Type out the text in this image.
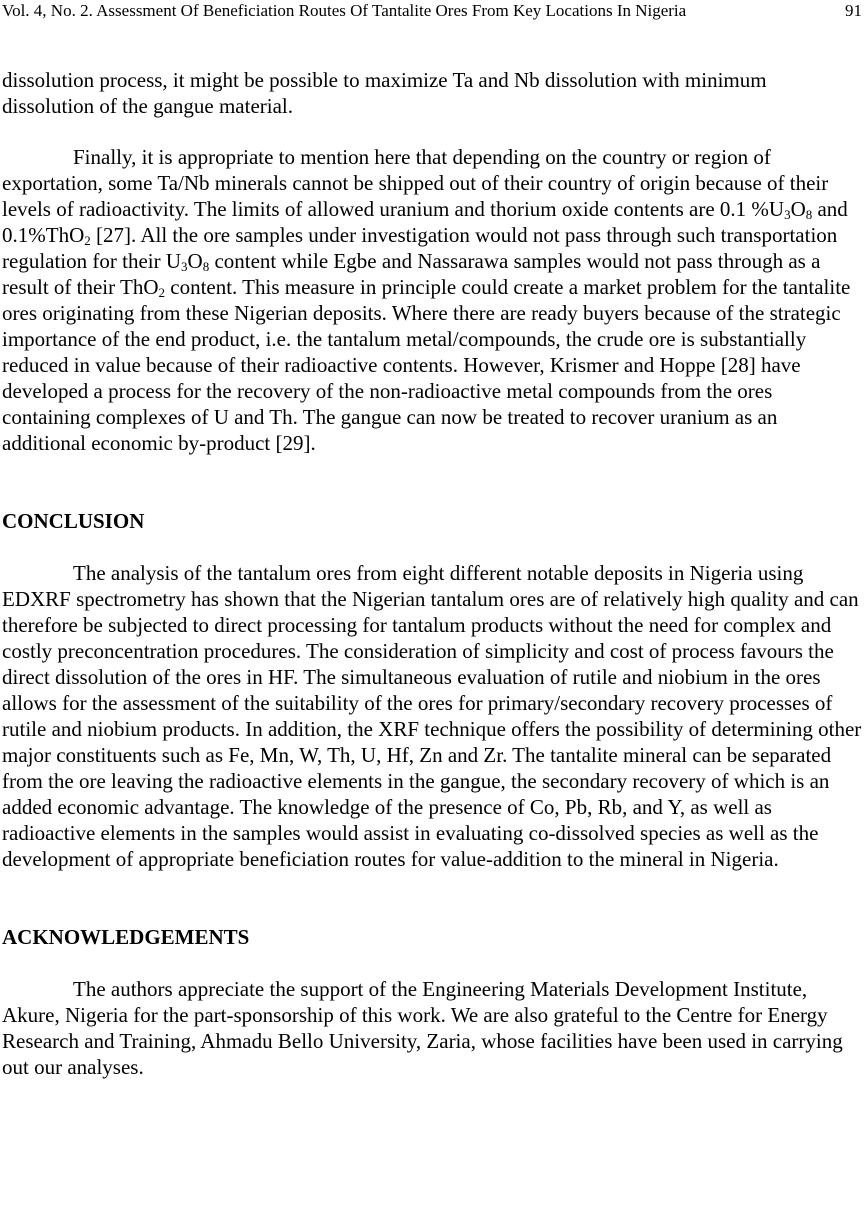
Vol. 4, No. 2. Assessment Of Beneficiation Routes Of Tantalite Ores From Key Locations In Nigeria	91

dissolution process, it might be possible to maximize Ta and Nb dissolution with minimum dissolution of the gangue material.

Finally, it is appropriate to mention here that depending on the country or region of exportation, some Ta/Nb minerals cannot be shipped out of their country of origin because of their levels of radioactivity. The limits of allowed uranium and thorium oxide contents are 0.1 $\%U_3O_8$ and 0.1%ThO$_2$ [27]. All the ore samples under investigation would not pass through such transportation regulation for their $U_3O_8$ content while Egbe and Nassarawa samples would not pass through as a result of their ThO$_2$ content. This measure in principle could create a market problem for the tantalite ores originating from these Nigerian deposits. Where there are ready buyers because of the strategic importance of the end product, i.e. the tantalum metal/compounds, the crude ore is substantially reduced in value because of their radioactive contents. However, Krismer and Hoppe [28] have developed a process for the recovery of the non-radioactive metal compounds from the ores containing complexes of U and Th. The gangue can now be treated to recover uranium as an additional economic by-product [29].

CONCLUSION

The analysis of the tantalum ores from eight different notable deposits in Nigeria using EDXRF spectrometry has shown that the Nigerian tantalum ores are of relatively high quality and can therefore be subjected to direct processing for tantalum products without the need for complex and costly preconcentration procedures. The consideration of simplicity and cost of process favours the direct dissolution of the ores in HF. The simultaneous evaluation of rutile and niobium in the ores allows for the assessment of the suitability of the ores for primary/secondary recovery processes of rutile and niobium products. In addition, the XRF technique offers the possibility of determining other major constituents such as Fe, Mn, W, Th, U, Hf, Zn and Zr. The tantalite mineral can be separated from the ore leaving the radioactive elements in the gangue, the secondary recovery of which is an added economic advantage. The knowledge of the presence of Co, Pb, Rb, and Y, as well as radioactive elements in the samples would assist in evaluating co-dissolved species as well as the development of appropriate beneficiation routes for value-addition to the mineral in Nigeria.

ACKNOWLEDGEMENTS

The authors appreciate the support of the Engineering Materials Development Institute, Akure, Nigeria for the part-sponsorship of this work. We are also grateful to the Centre for Energy Research and Training, Ahmadu Bello University, Zaria, whose facilities have been used in carrying out our analyses.
